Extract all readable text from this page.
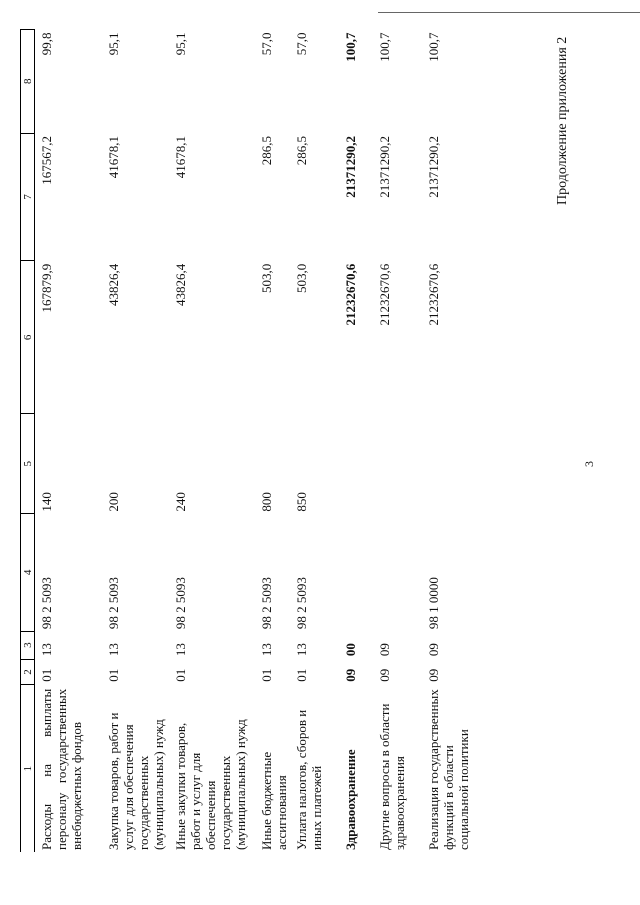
3
Продолжение приложения 2
1	2	3	4	5	6	7	8
Расходы на выплаты персоналу государственных внебюджетных фондов	01	13	98 2 5093	140	167879,9	167567,2	99,8
Закупка товаров, работ и услуг для обеспечения государственных (муниципальных) нужд	01	13	98 2 5093	200	43826,4	41678,1	95,1
Иные закупки товаров, работ и услуг для обеспечения государственных (муниципальных) нужд	01	13	98 2 5093	240	43826,4	41678,1	95,1
Иные бюджетные ассигнования	01	13	98 2 5093	800	503,0	286,5	57,0
Уплата налогов, сборов и иных платежей	01	13	98 2 5093	850	503,0	286,5	57,0
Здравоохранение	09	00			21232670,6	21371290,2	100,7
Другие вопросы в области здравоохранения	09	09			21232670,6	21371290,2	100,7
Реализация государственных функций в области социальной политики	09	09	98 1 0000		21232670,6	21371290,2	100,7
